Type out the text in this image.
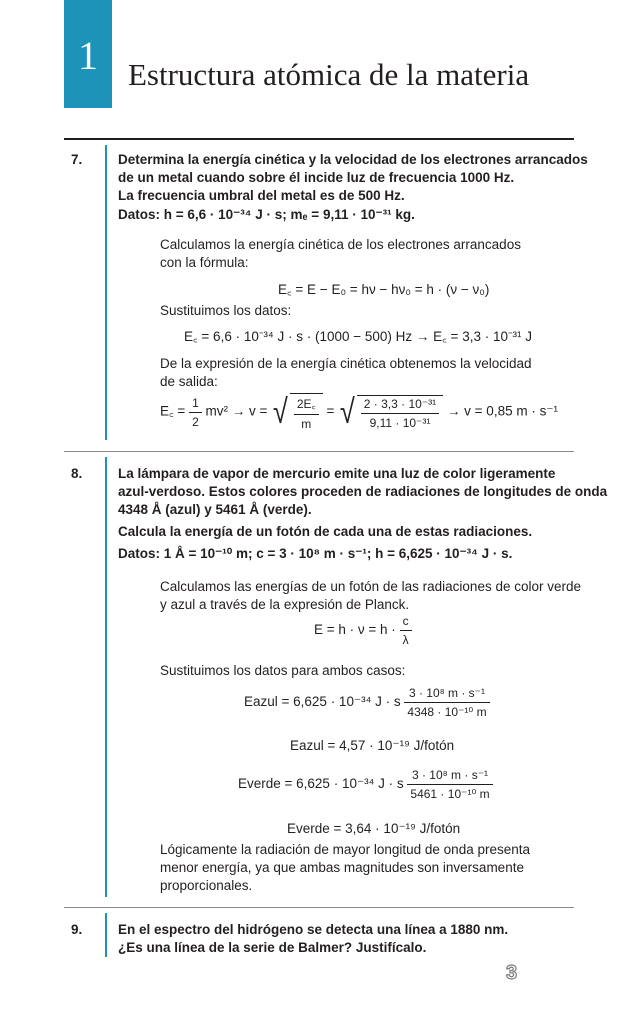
1 Estructura atómica de la materia
7.	Determina la energía cinética y la velocidad de los electrones arrancados
de un metal cuando sobre él incide luz de frecuencia 1000 Hz.
La frecuencia umbral del metal es de 500 Hz.
Datos: h = 6,6 · 10⁻³⁴ J · s; mₑ = 9,11 · 10⁻³¹ kg.
Calculamos la energía cinética de los electrones arrancados
con la fórmula:
E꜀ = E − E₀ = hν − hν₀ = h · (ν − ν₀)
Sustituimos los datos:
E꜀ = 6,6 · 10⁻³⁴ J · s · (1000 − 500) Hz → E꜀ = 3,3 · 10⁻³¹ J
De la expresión de la energía cinética obtenemos la velocidad
de salida:
E꜀ = $\frac{1}{2} mv^2 \to v$ = √ $\frac{2E꜀}{m}$ = √ $\frac{\text{2 · 3,3 · 10⁻³¹}}{\text{9,11 · 10⁻³¹}} \to v = 0,85$ m · s⁻¹
8.	La lámpara de vapor de mercurio emite una luz de color ligeramente
azul-verdoso. Estos colores proceden de radiaciones de longitudes de onda
4348 Å (azul) y 5461 Å (verde).
Calcula la energía de un fotón de cada una de estas radiaciones.
Datos: 1 Å = 10⁻¹⁰ m; c = 3 · 10⁸ m · s⁻¹; h = 6,625 · 10⁻³⁴ J · s.
Calculamos las energías de un fotón de las radiaciones de color verde
y azul a través de la expresión de Planck.
$E = h \cdot \nu = h \cdot \frac{c}{\lambda}$
Sustituimos los datos para ambos casos:
Eazul = 6,625 · 10⁻³⁴ J · s $\frac{\text{3 · 10⁸ m · s⁻¹}}{\text{4348 · 10⁻¹⁰ m}}$
Eazul = 4,57 · 10⁻¹⁹ J/fotón
Everde = 6,625 · 10⁻³⁴ J · s $\frac{\text{3 · 10⁸ m · s⁻¹}}{\text{5461 · 10⁻¹⁰ m}}$
Everde = 3,64 · 10⁻¹⁹ J/fotón
Lógicamente la radiación de mayor longitud de onda presenta
menor energía, ya que ambas magnitudes son inversamente
proporcionales.
9.	En el espectro del hidrógeno se detecta una línea a 1880 nm.
¿Es una línea de la serie de Balmer? Justifícalo.
3
